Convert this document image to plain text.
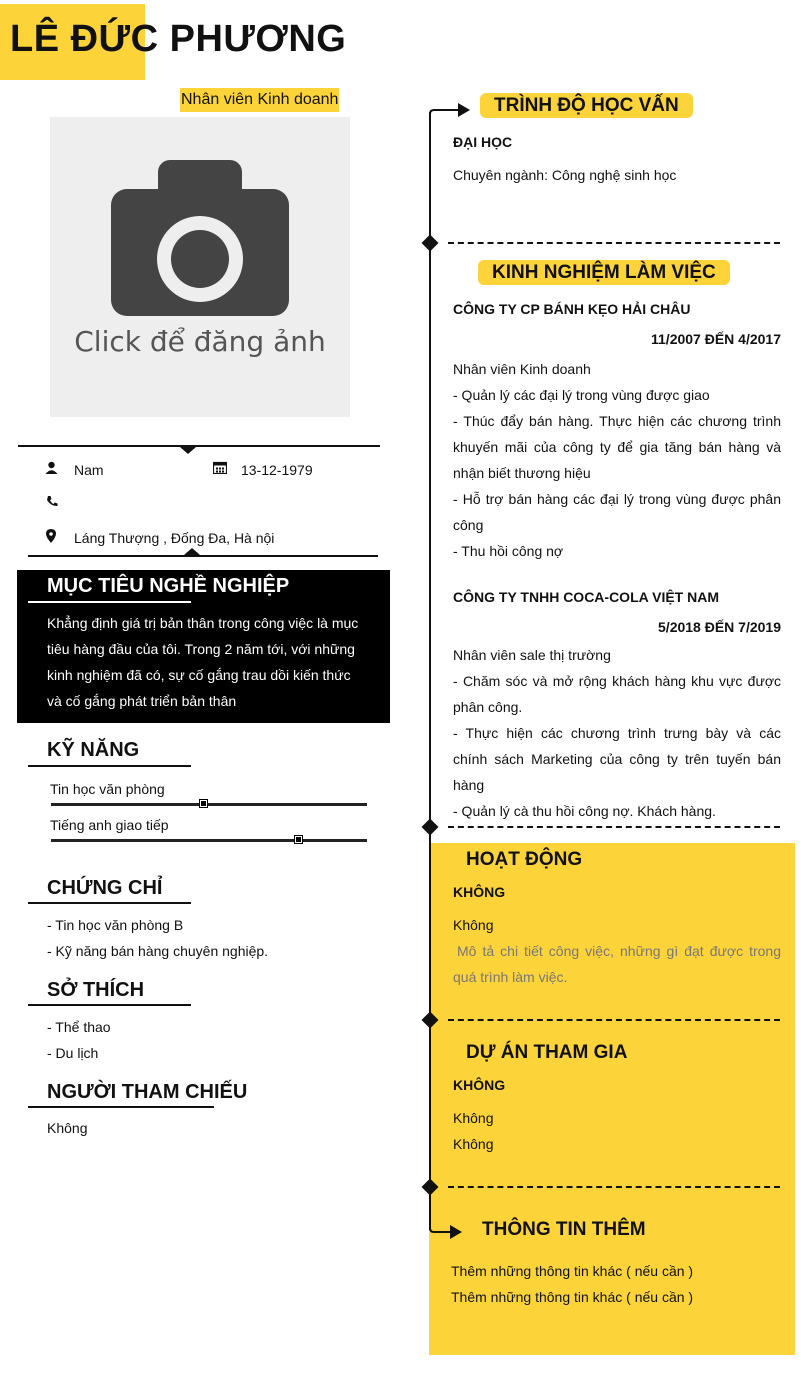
LÊ ĐỨC PHƯƠNG
Nhân viên Kinh doanh
Click để đăng ảnh
Nam	13-12-1979
Láng Thượng , Đống Đa, Hà nội
MỤC TIÊU NGHỀ NGHIỆP
Khẳng định giá trị bản thân trong công việc là mục tiêu hàng đầu của tôi. Trong 2 năm tới, với những kinh nghiệm đã có, sự cố gắng trau dồi kiến thức và cố gắng phát triển bản thân
KỸ NĂNG
Tin học văn phòng
Tiếng anh giao tiếp
CHỨNG CHỈ
- Tin học văn phòng B
- Kỹ năng bán hàng chuyên nghiệp.
SỞ THÍCH
- Thể thao
- Du lịch
NGƯỜI THAM CHIẾU
Không
TRÌNH ĐỘ HỌC VẤN
ĐẠI HỌC
Chuyên ngành: Công nghệ sinh học
KINH NGHIỆM LÀM VIỆC
CÔNG TY CP BÁNH KẸO HẢI CHÂU
11/2007 ĐẾN 4/2017
Nhân viên Kinh doanh
- Quản lý các đại lý trong vùng được giao
- Thúc đẩy bán hàng. Thực hiện các chương trình khuyến mãi của công ty để gia tăng bán hàng và nhận biết thương hiệu
- Hỗ trợ bán hàng các đại lý trong vùng được phân công
- Thu hồi công nợ
CÔNG TY TNHH COCA-COLA VIỆT NAM
5/2018 ĐẾN 7/2019
Nhân viên sale thị trường
- Chăm sóc và mở rộng khách hàng khu vực được phân công.
- Thực hiện các chương trình trưng bày và các chính sách Marketing của công ty trên tuyến bán hàng
- Quản lý cà thu hồi công nợ. Khách hàng.
HOẠT ĐỘNG
KHÔNG
Không
Mô tả chi tiết công việc, những gì đạt được trong quá trình làm việc.
DỰ ÁN THAM GIA
KHÔNG
Không
Không
THÔNG TIN THÊM
Thêm những thông tin khác ( nếu cần )
Thêm những thông tin khác ( nếu cần )
